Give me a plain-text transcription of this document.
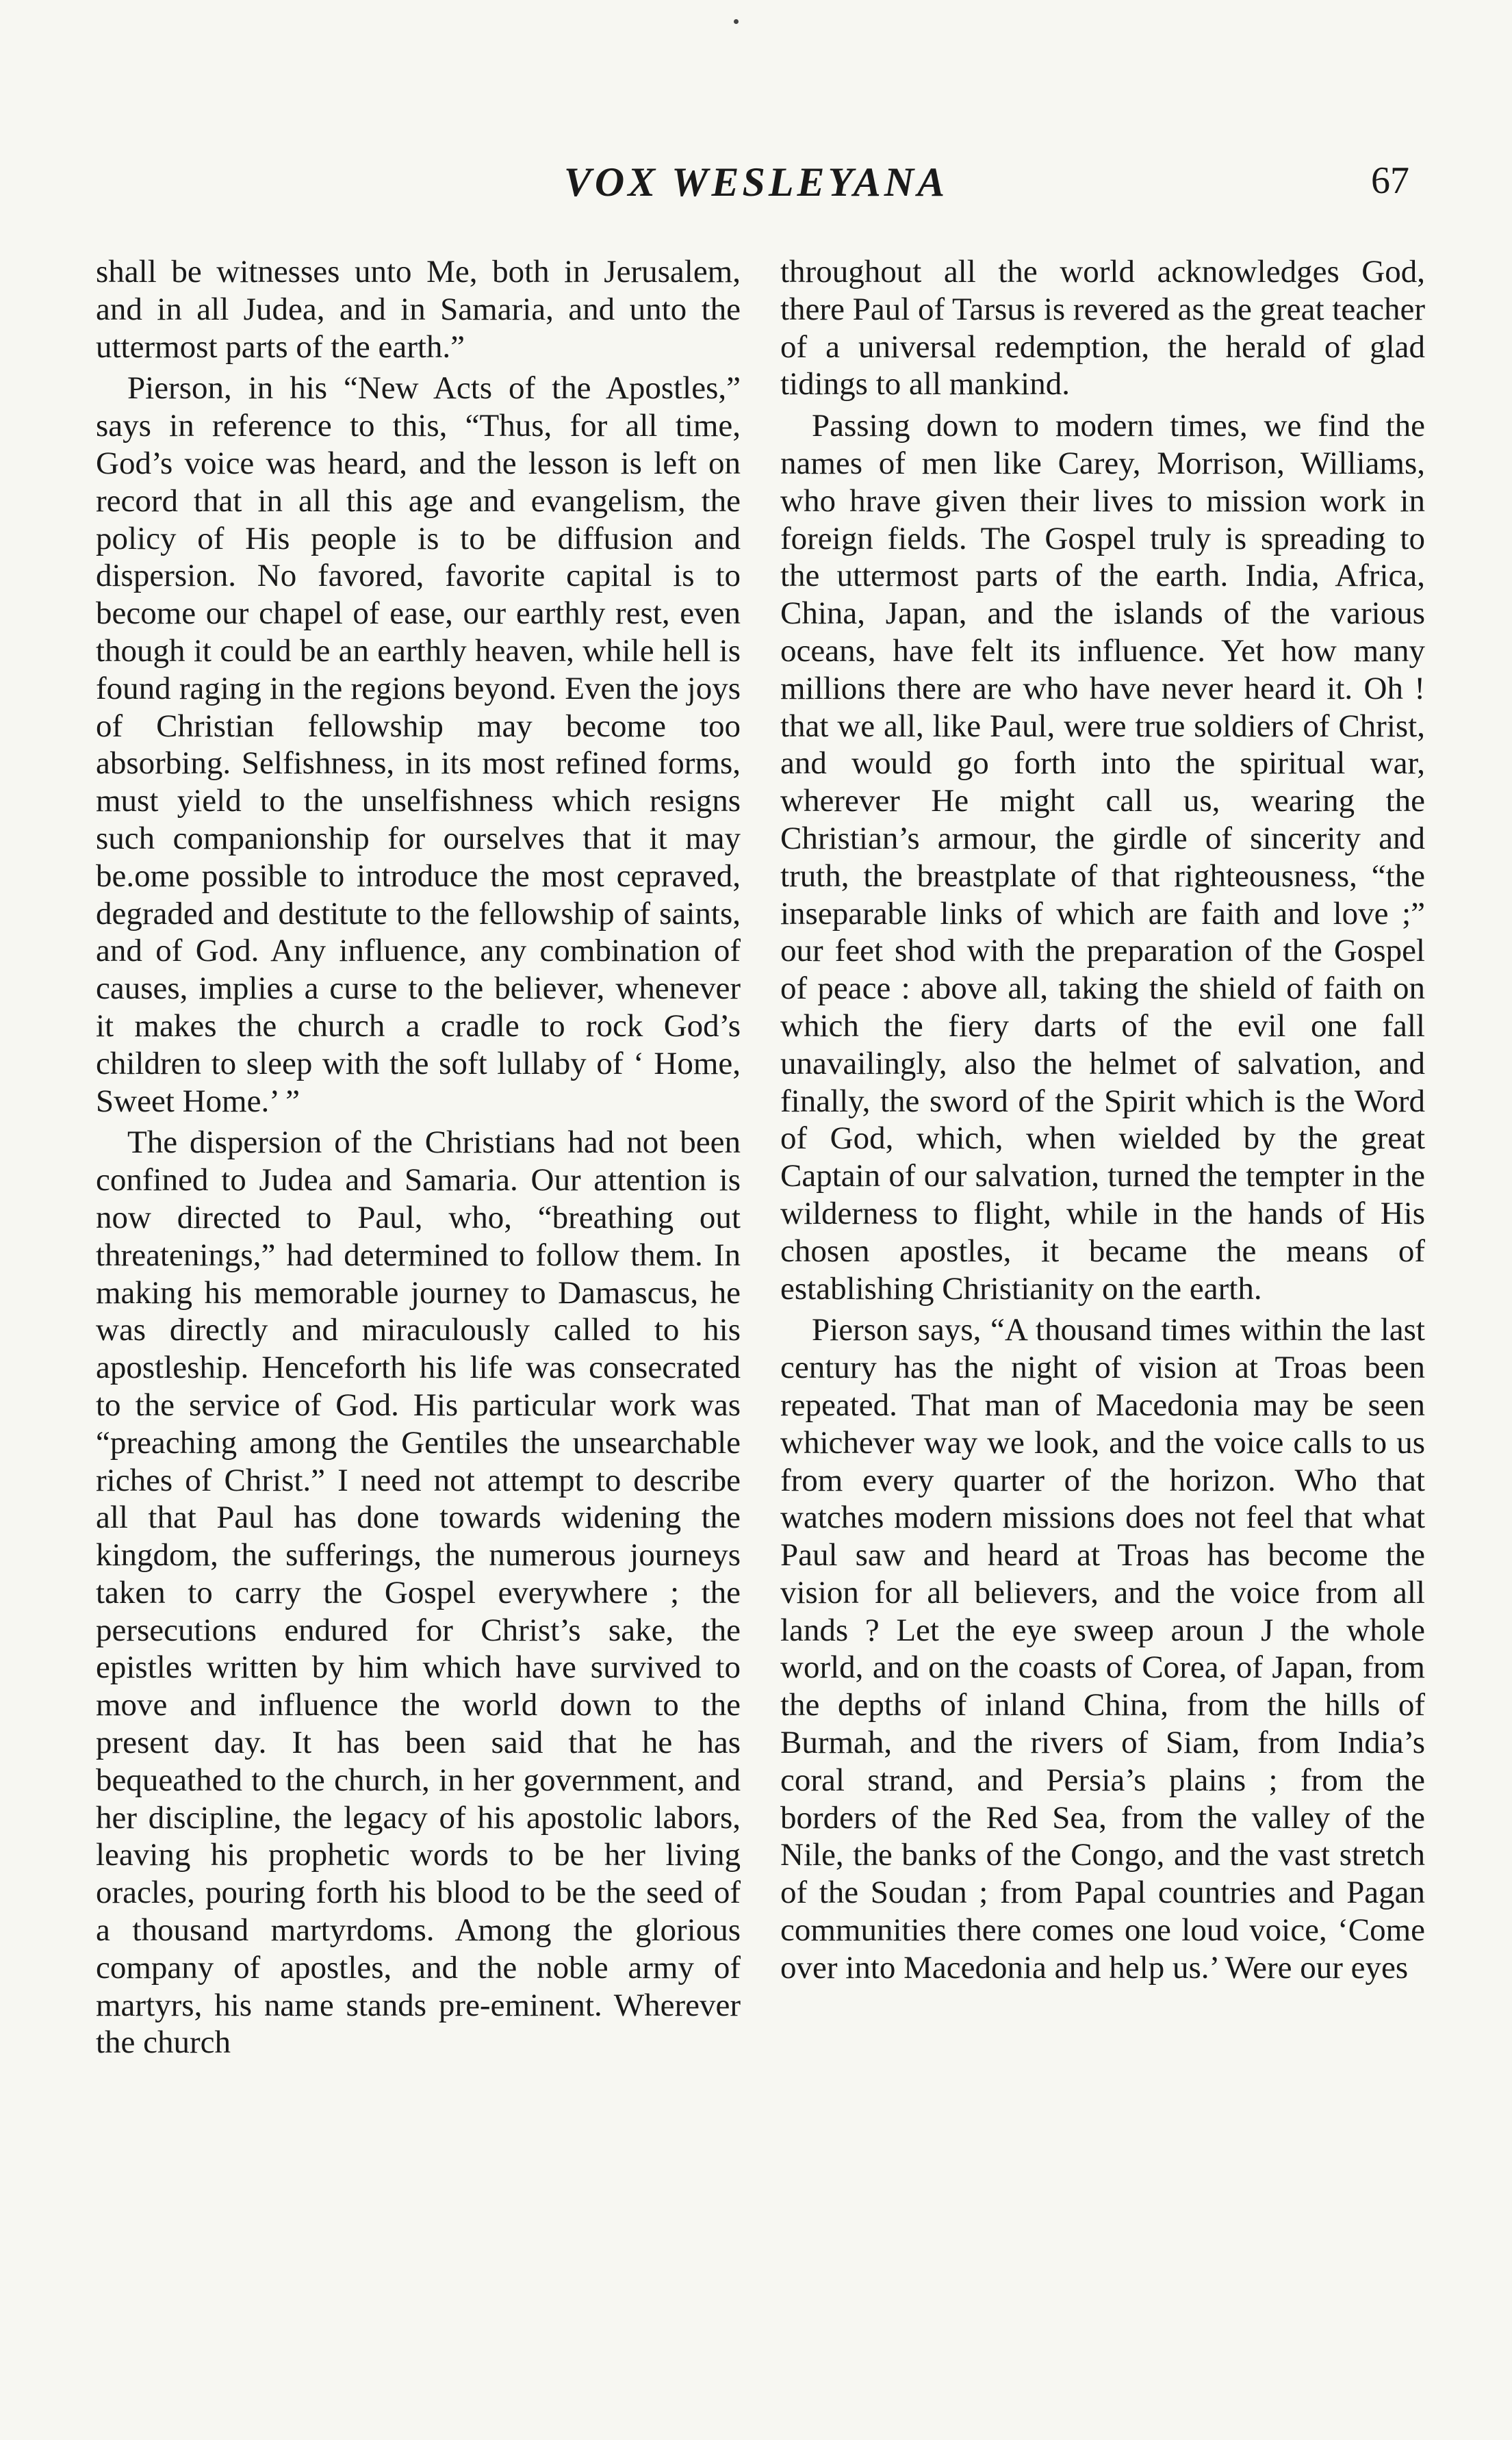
VOX WESLEYANA	67

shall be witnesses unto Me, both in Jerusalem, and in all Judea, and in Samaria, and unto the uttermost parts of the earth.”

Pierson, in his “New Acts of the Apostles,” says in reference to this, “Thus, for all time, God’s voice was heard, and the lesson is left on record that in all this age and evangelism, the policy of His people is to be diffusion and dispersion. No favored, favorite capital is to become our chapel of ease, our earthly rest, even though it could be an earthly heaven, while hell is found raging in the regions beyond. Even the joys of Christian fellowship may become too absorbing. Selfishness, in its most refined forms, must yield to the unselfishness which resigns such companionship for ourselves that it may be.ome possible to introduce the most cepraved, degraded and destitute to the fellowship of saints, and of God. Any influence, any combination of causes, implies a curse to the believer, whenever it makes the church a cradle to rock God’s children to sleep with the soft lullaby of ‘ Home, Sweet Home.’ ”

The dispersion of the Christians had not been confined to Judea and Samaria. Our attention is now directed to Paul, who, “breathing out threatenings,” had determined to follow them. In making his memorable journey to Damascus, he was directly and miraculously called to his apostleship. Henceforth his life was consecrated to the service of God. His particular work was “preaching among the Gentiles the unsearchable riches of Christ.” I need not attempt to describe all that Paul has done towards widening the kingdom, the sufferings, the numerous journeys taken to carry the Gospel everywhere ; the persecutions endured for Christ’s sake, the epistles written by him which have survived to move and influence the world down to the present day. It has been said that he has bequeathed to the church, in her government, and her discipline, the legacy of his apostolic labors, leaving his prophetic words to be her living oracles, pouring forth his blood to be the seed of a thousand martyrdoms. Among the glorious company of apostles, and the noble army of martyrs, his name stands pre-eminent. Wherever the church

throughout all the world acknowledges God, there Paul of Tarsus is revered as the great teacher of a universal redemption, the herald of glad tidings to all mankind.

Passing down to modern times, we find the names of men like Carey, Morrison, Williams, who hrave given their lives to mission work in foreign fields. The Gospel truly is spreading to the uttermost parts of the earth. India, Africa, China, Japan, and the islands of the various oceans, have felt its influence. Yet how many millions there are who have never heard it. Oh ! that we all, like Paul, were true soldiers of Christ, and would go forth into the spiritual war, wherever He might call us, wearing the Christian’s armour, the girdle of sincerity and truth, the breastplate of that righteousness, “the inseparable links of which are faith and love ;” our feet shod with the preparation of the Gospel of peace : above all, taking the shield of faith on which the fiery darts of the evil one fall unavailingly, also the helmet of salvation, and finally, the sword of the Spirit which is the Word of God, which, when wielded by the great Captain of our salvation, turned the tempter in the wilderness to flight, while in the hands of His chosen apostles, it became the means of establishing Christianity on the earth.

Pierson says, “A thousand times within the last century has the night of vision at Troas been repeated. That man of Macedonia may be seen whichever way we look, and the voice calls to us from every quarter of the horizon. Who that watches modern missions does not feel that what Paul saw and heard at Troas has become the vision for all believers, and the voice from all lands ? Let the eye sweep aroun J the whole world, and on the coasts of Corea, of Japan, from the depths of inland China, from the hills of Burmah, and the rivers of Siam, from India’s coral strand, and Persia’s plains ; from the borders of the Red Sea, from the valley of the Nile, the banks of the Congo, and the vast stretch of the Soudan ; from Papal countries and Pagan communities there comes one loud voice, ‘Come over into Macedonia and help us.’ Were our eyes
